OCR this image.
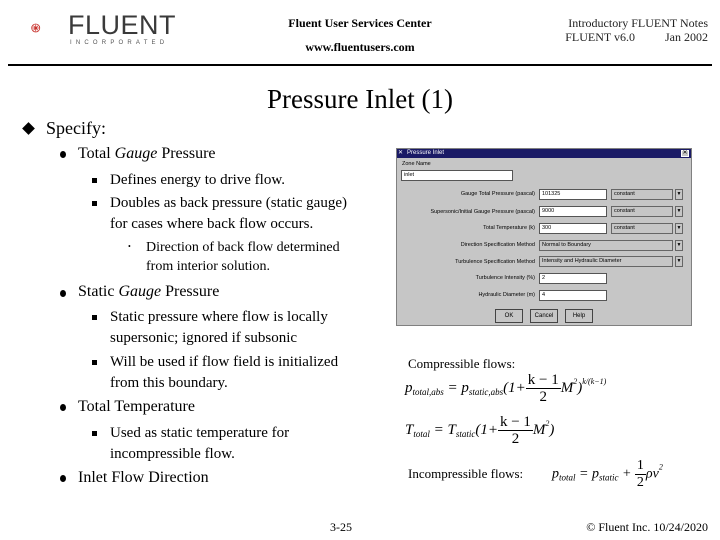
FLUENT
INCORPORATED
Fluent User Services Center
www.fluentusers.com
Introductory FLUENT Notes
FLUENT v6.0	Jan 2002
Pressure Inlet (1)
Specify:
Total Gauge Pressure
Defines energy to drive flow.
Doubles as back pressure (static gauge)
for cases where back flow occurs.
• Direction of back flow determined
from interior solution.
Static Gauge Pressure
Static pressure where flow is locally
supersonic; ignored if subsonic
Will be used if flow field is initialized
from this boundary.
Total Temperature
Used as static temperature for
incompressible flow.
Inlet Flow Direction
Pressure Inlet
✕	✕
Zone Name
inlet
Gauge Total Pressure (pascal)	101325	constant	▼
Supersonic/Initial Gauge Pressure (pascal)	9000	constant	▼
Total Temperature (k)	300	constant	▼
Direction Specification Method	Normal to Boundary	▼
Turbulence Specification Method	Intensity and Hydraulic Diameter	▼
Turbulence Intensity (%)	2
Hydraulic Diameter (m)	4
OK	Cancel	Help
Compressible flows:
$p_{total,abs} = p_{static,abs}(1+ \frac{k - 1}{2} M^2)^{k/(k-1)}$
$T_{total} = T_{static}(1+ \frac{k - 1}{2} M^2)$
Incompressible flows: $p_{total} = p_{static} + \frac{1}{2} \rho v^2$
3-25	© Fluent Inc. 10/24/2020
